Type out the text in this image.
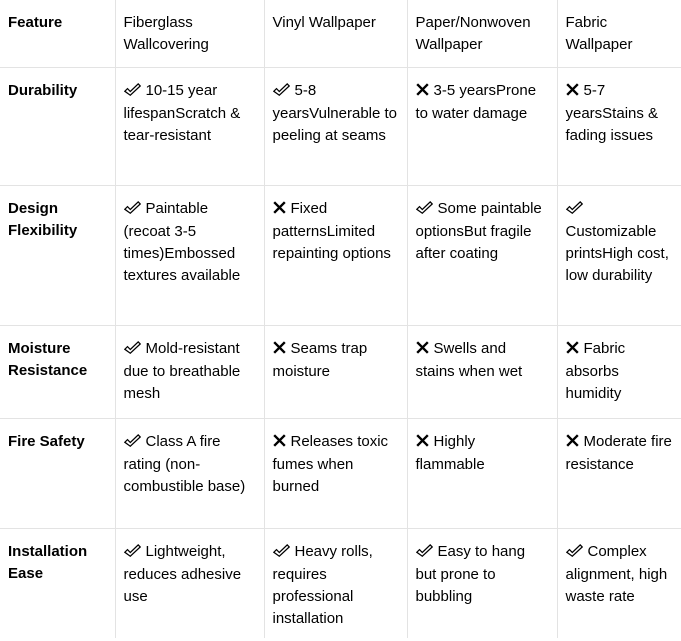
Feature	Fiberglass Wallcovering	Vinyl Wallpaper	Paper/Nonwoven Wallpaper	Fabric Wallpaper
Durability	10-15 year lifespanScratch & tear-resistant	5-8 yearsVulnerable to peeling at seams	3-5 yearsProne to water damage	5-7 yearsStains & fading issues
Design Flexibility	Paintable (recoat 3-5 times)Embossed textures available	Fixed patternsLimited repainting options	Some paintable optionsBut fragile after coating	Customizable printsHigh cost, low durability
Moisture Resistance	Mold-resistant due to breathable mesh	Seams trap moisture	Swells and stains when wet	Fabric absorbs humidity
Fire Safety	Class A fire rating (non-combustible base)	Releases toxic fumes when burned	Highly flammable	Moderate fire resistance
Installation Ease	Lightweight, reduces adhesive use	Heavy rolls, requires professional installation	Easy to hang but prone to bubbling	Complex alignment, high waste rate
